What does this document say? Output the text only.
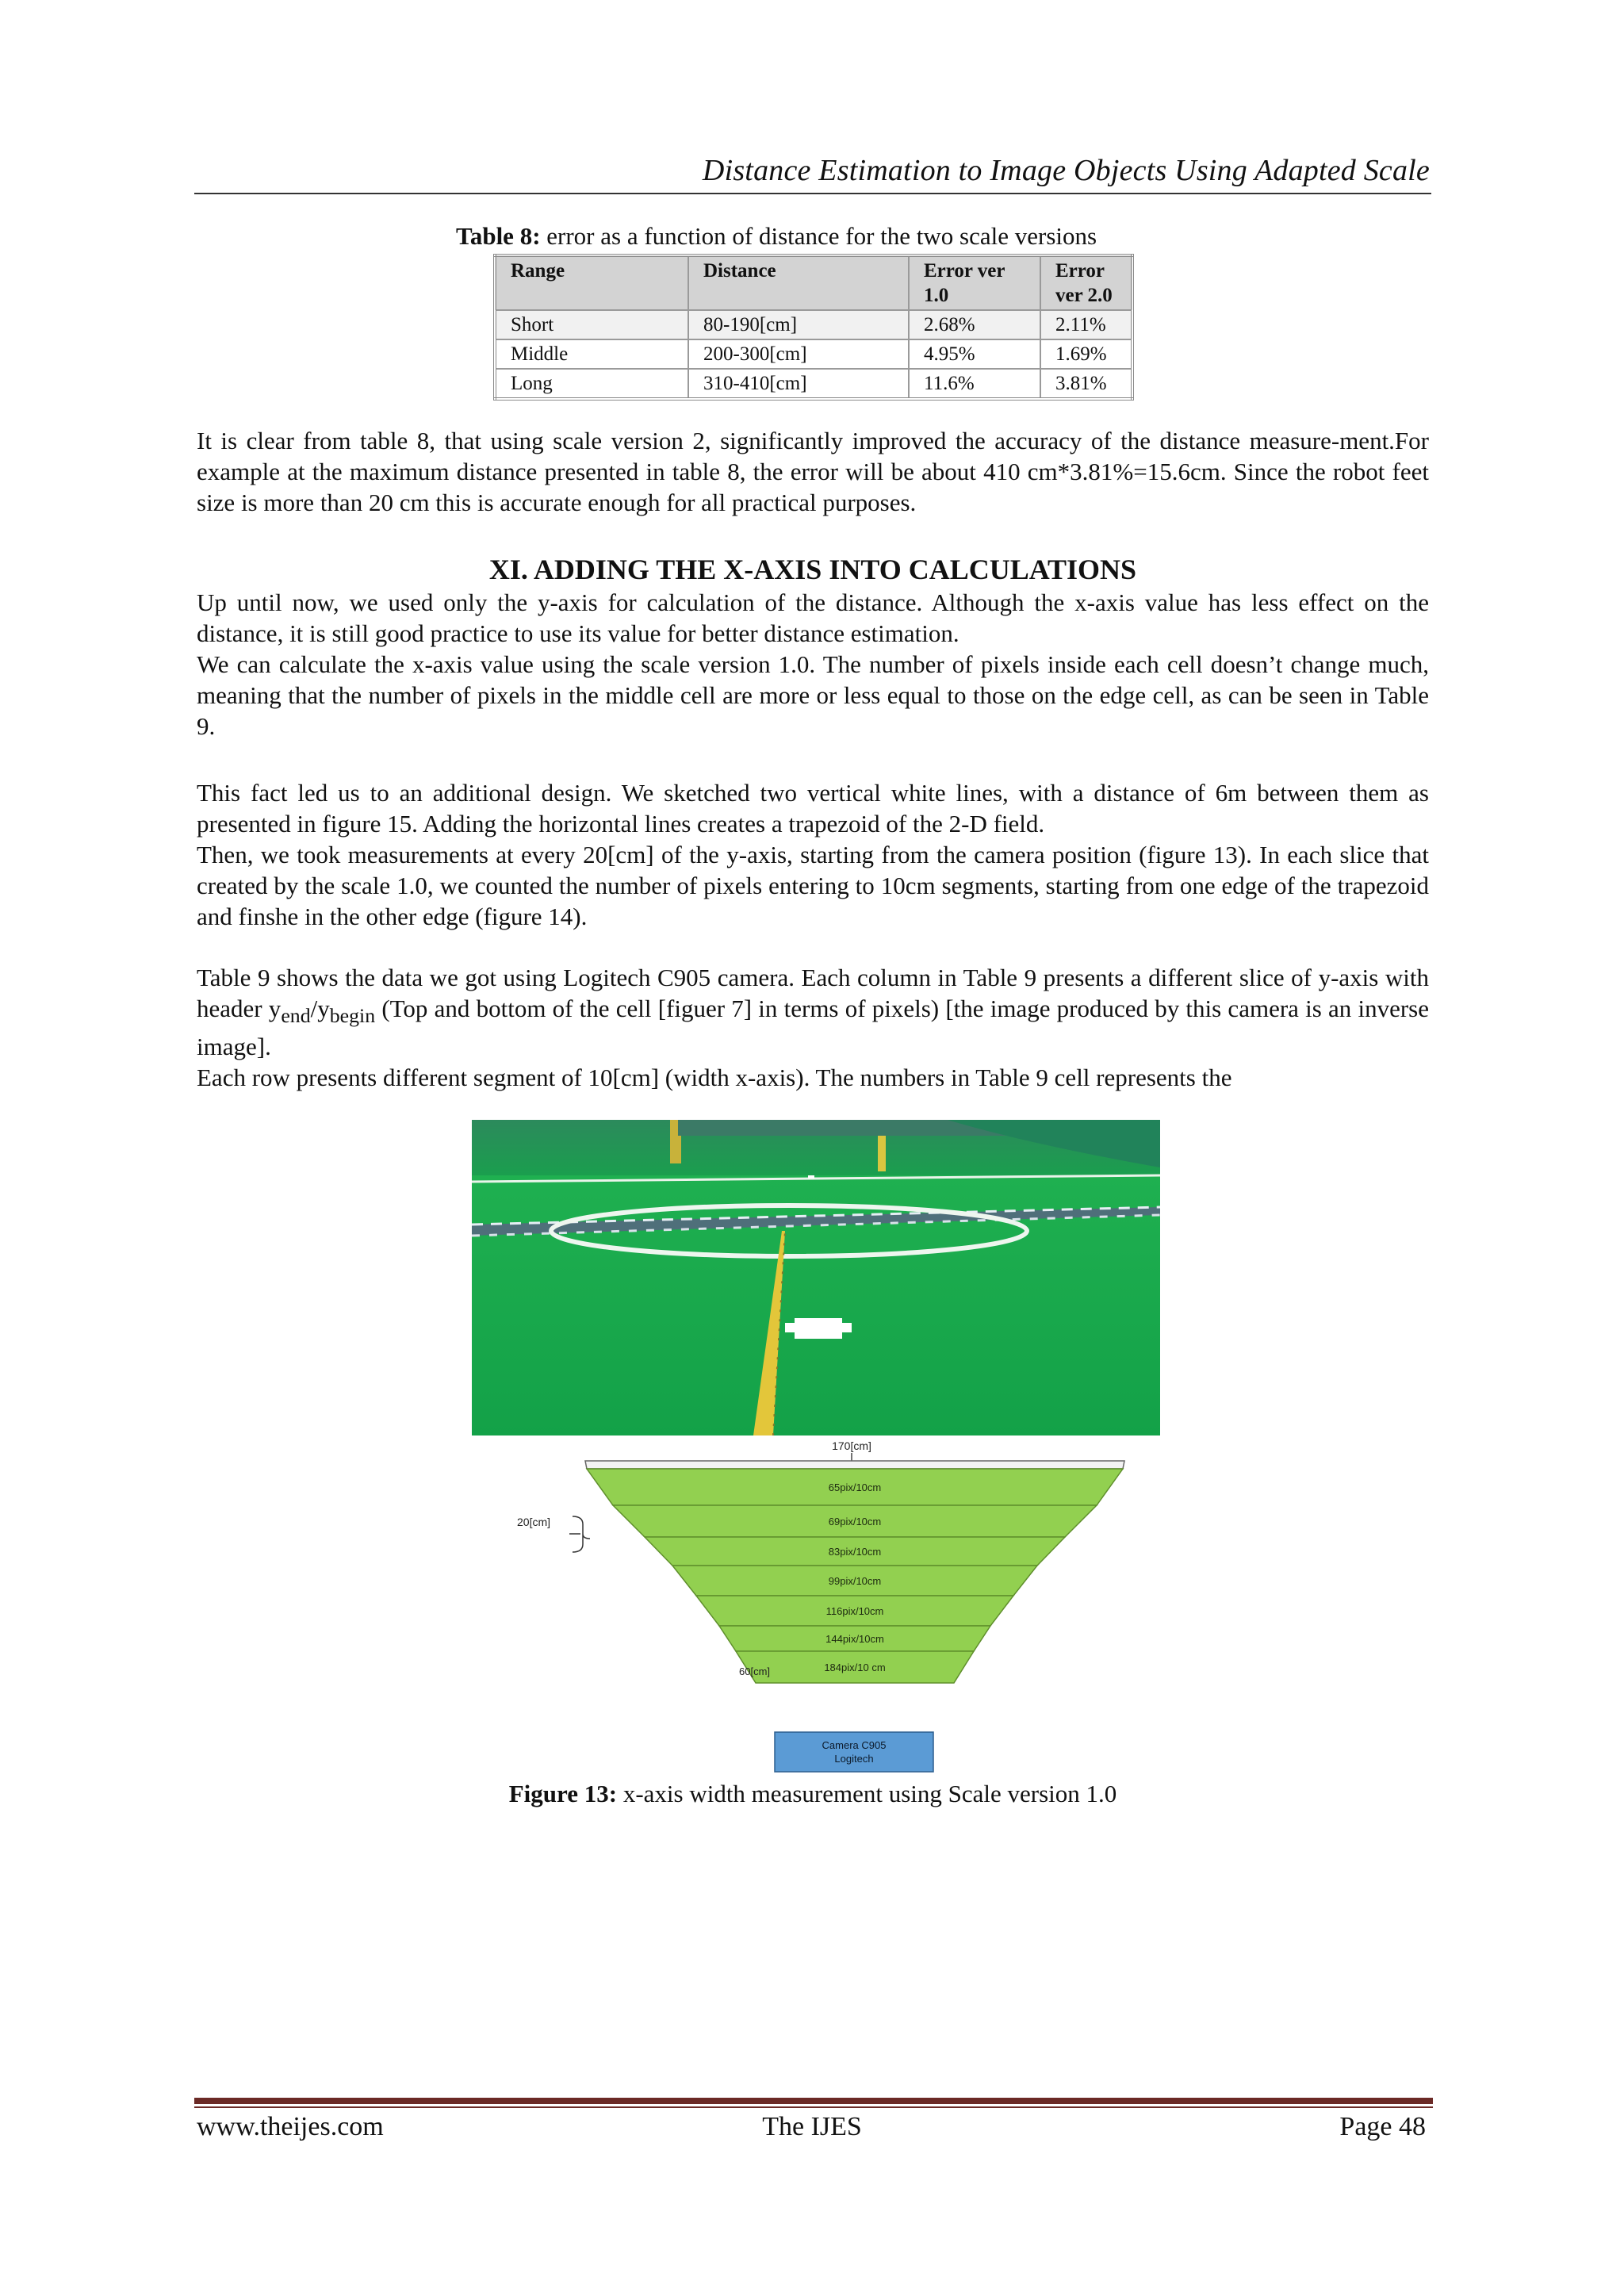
Distance Estimation to Image Objects Using Adapted Scale
Table 8: error as a function of distance for the two scale versions
Range	Distance	Error ver 1.0	Error ver 2.0
Short	80-190[cm]	2.68%	2.11%
Middle	200-300[cm]	4.95%	1.69%
Long	310-410[cm]	11.6%	3.81%

It is clear from table 8, that using scale version 2, significantly improved the accuracy of the distance measure-ment.For example at the maximum distance presented in table 8, the error will be about 410 cm*3.81%=15.6cm. Since the robot feet size is more than 20 cm this is accurate enough for all practical purposes.

XI. ADDING THE X-AXIS INTO CALCULATIONS

Up until now, we used only the y-axis for calculation of the distance. Although the x-axis value has less effect on the distance, it is still good practice to use its value for better distance estimation.

We can calculate the x-axis value using the scale version 1.0. The number of pixels inside each cell doesn’t change much, meaning that the number of pixels in the middle cell are more or less equal to those on the edge cell, as can be seen in Table 9.

This fact led us to an additional design. We sketched two vertical white lines, with a distance of 6m between them as presented in figure 15. Adding the horizontal lines creates a trapezoid of the 2-D field.

Then, we took measurements at every 20[cm] of the y-axis, starting from the camera position (figure 13). In each slice that created by the scale 1.0, we counted the number of pixels entering to 10cm segments, starting from one edge of the trapezoid and finshe in the other edge (figure 14).

Table 9 shows the data we got using Logitech C905 camera. Each column in Table 9 presents a different slice of y-axis with header $y_{end}/y_{begin}$ (Top and bottom of the cell [figuer 7] in terms of pixels) [the image produced by this camera is an inverse image].

Each row presents different segment of 10[cm] (width x-axis). The numbers in Table 9 cell represents the

170[cm]
65pix/10cm
69pix/10cm
83pix/10cm
99pix/10cm
116pix/10cm
144pix/10cm
184pix/10 cm
20[cm]
60[cm]
Camera C905
Logitech
Figure 13: x-axis width measurement using Scale version 1.0
www.theijes.com	The IJES	Page 48
